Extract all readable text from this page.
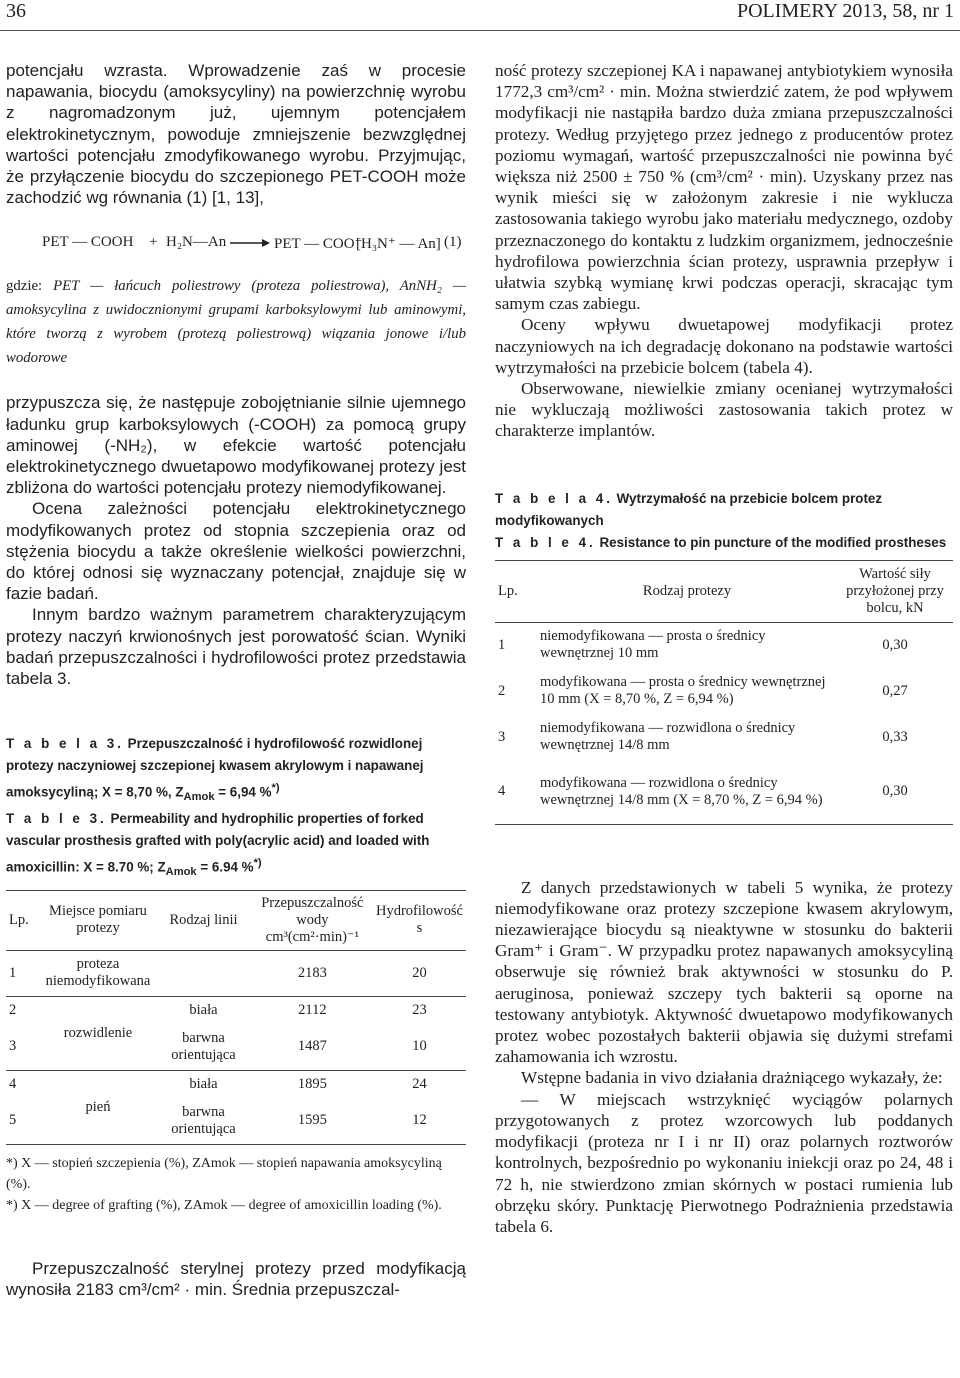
36	POLIMERY 2013, 58, nr 1

potencjału wzrasta. Wprowadzenie zaś w procesie napawania, biocydu (amoksycyliny) na powierzchnię wyrobu z nagromadzonym już, ujemnym potencjałem elektrokinetycznym, powoduje zmniejszenie bezwzględnej wartości potencjału zmodyfikowanego wyrobu. Przyjmując, że przyłączenie biocydu do szczepionego PET-COOH może zachodzić wg równania (1) [1, 13],

PET — COOH + H₂N—An → PET — COO⁻
[H₃N⁺ — An] (1)

gdzie: PET — łańcuch poliestrowy (proteza poliestrowa), AnNH₂ — amoksycylina z uwidocznionymi grupami karboksylowymi lub aminowymi, które tworzą z wyrobem (protezą poliestrową) wiązania jonowe i/lub wodorowe

przypuszcza się, że następuje zobojętnianie silnie ujemnego ładunku grup karboksylowych (-COOH) za pomocą grupy aminowej (-NH₂), w efekcie wartość potencjału elektrokinetycznego dwuetapowo modyfikowanej protezy jest zbliżona do wartości potencjału protezy niemodyfikowanej.

Ocena zależności potencjału elektrokinetycznego modyfikowanych protez od stopnia szczepienia oraz od stężenia biocydu a także określenie wielkości powierzchni, do której odnosi się wyznaczany potencjał, znajduje się w fazie badań.

Innym bardzo ważnym parametrem charakteryzującym protezy naczyń krwionośnych jest porowatość ścian. Wyniki badań przepuszczalności i hydrofilowości protez przedstawia tabela 3.

T a b e l a 3. Przepuszczalność i hydrofilowość rozwidlonej protezy naczyniowej szczepionej kwasem akrylowym i napawanej amoksycyliną; X = 8,70 %, $Z_{Amok} = 6,94$ %*)

T a b l e 3. Permeability and hydrophilic properties of forked vascular prosthesis grafted with poly(acrylic acid) and loaded with amoxicillin: X = 8.70 %; $Z_{Amok} = 6.94$ %*)

Lp.	Miejsce pomiaru protezy	Rodzaj linii	Przepuszczalność wody cm³(cm²·min)⁻¹	Hydrofilowość s
1	proteza niemodyfikowana		2183	20
2	rozwidlenie	biała	2112	23
3		barwna orientująca	1487	10
4	pień	biała	1895	24
5		barwna orientująca	1595	12

*) X — stopień szczepienia (%), ZAmok — stopień napawania amoksycyliną (%).

*) X — degree of grafting (%), ZAmok — degree of amoxicillin loading (%).

Przepuszczalność sterylnej protezy przed modyfikacją wynosiła 2183 cm³/cm² · min. Średnia przepuszczal-

ność protezy szczepionej KA i napawanej antybiotykiem wynosiła 1772,3 cm³/cm² · min. Można stwierdzić zatem, że pod wpływem modyfikacji nie nastąpiła bardzo duża zmiana przepuszczalności protezy. Według przyjętego przez jednego z producentów protez poziomu wymagań, wartość przepuszczalności nie powinna być większa niż 2500 ± 750 % (cm³/cm² · min). Uzyskany przez nas wynik mieści się w założonym zakresie i nie wyklucza zastosowania takiego wyrobu jako materiału medycznego, ozdoby przeznaczonego do kontaktu z ludzkim organizmem, jednocześnie hydrofilowa powierzchnia ścian protezy, usprawnia przepływ i ułatwia szybką wymianę krwi podczas operacji, skracając tym samym czas zabiegu.

Oceny wpływu dwuetapowej modyfikacji protez naczyniowych na ich degradację dokonano na podstawie wartości wytrzymałości na przebicie bolcem (tabela 4).

Obserwowane, niewielkie zmiany ocenianej wytrzymałości nie wykluczają możliwości zastosowania takich protez w charakterze implantów.

T a b e l a 4. Wytrzymałość na przebicie bolcem protez modyfikowanych

T a b l e 4. Resistance to pin puncture of the modified prostheses

Lp.	Rodzaj protezy	Wartość siły przyłożonej przy bolcu, kN
1	niemodyfikowana — prosta o średnicy wewnętrznej 10 mm	0,30
2	modyfikowana — prosta o średnicy wewnętrznej 10 mm (X = 8,70 %, Z = 6,94 %)	0,27
3	niemodyfikowana — rozwidlona o średnicy wewnętrznej 14/8 mm	0,33
4	modyfikowana — rozwidlona o średnicy wewnętrznej 14/8 mm (X = 8,70 %, Z = 6,94 %)	0,30

Z danych przedstawionych w tabeli 5 wynika, że protezy niemodyfikowane oraz protezy szczepione kwasem akrylowym, niezawierające biocydu są nieaktywne w stosunku do bakterii Gram⁺ i Gram⁻. W przypadku protez napawanych amoksycyliną obserwuje się również brak aktywności w stosunku do P. aeruginosa, ponieważ szczepy tych bakterii są oporne na testowany antybiotyk. Aktywność dwuetapowo modyfikowanych protez wobec pozostałych bakterii objawia się dużymi strefami zahamowania ich wzrostu.

Wstępne badania in vivo działania drażniącego wykazały, że:

— W miejscach wstrzyknięć wyciągów polarnych przygotowanych z protez wzorcowych lub poddanych modyfikacji (proteza nr I i nr II) oraz polarnych roztworów kontrolnych, bezpośrednio po wykonaniu iniekcji oraz po 24, 48 i 72 h, nie stwierdzono zmian skórnych w postaci rumienia lub obrzęku skóry. Punktację Pierwotnego Podrażnienia przedstawia tabela 6.
